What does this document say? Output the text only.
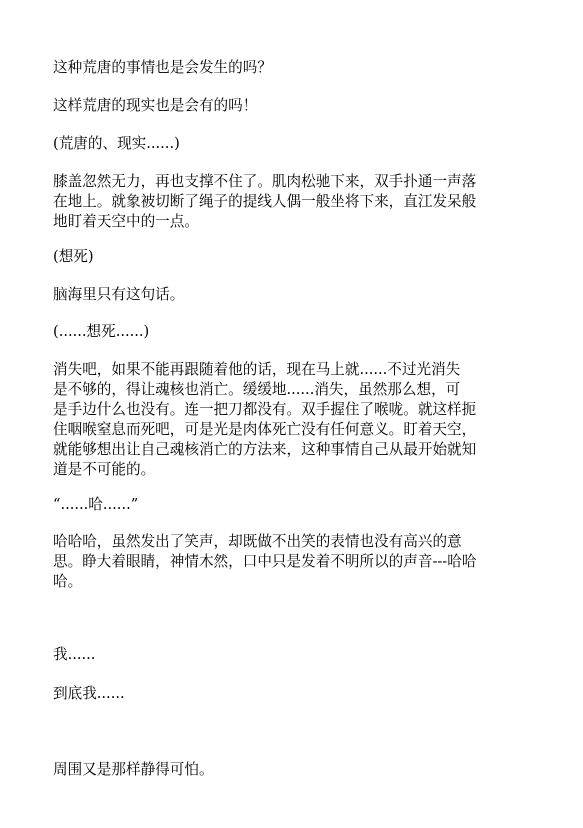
这种荒唐的事情也是会发生的吗？
这样荒唐的现实也是会有的吗！
(荒唐的、现实......)
膝盖忽然无力，再也支撑不住了。肌肉松驰下来，双手扑通一声落
在地上。就象被切断了绳子的提线人偶一般坐将下来，直江发呆般
地盯着天空中的一点。
(想死)
脑海里只有这句话。
(......想死......)
消失吧，如果不能再跟随着他的话，现在马上就......不过光消失
是不够的，得让魂核也消亡。缓缓地......消失，虽然那么想，可
是手边什么也没有。连一把刀都没有。双手握住了喉咙。就这样扼
住咽喉窒息而死吧，可是光是肉体死亡没有任何意义。盯着天空，
就能够想出让自己魂核消亡的方法来，这种事情自己从最开始就知
道是不可能的。
“......哈......”
哈哈哈，虽然发出了笑声，却既做不出笑的表情也没有高兴的意
思。睁大着眼睛，神情木然，口中只是发着不明所以的声音---哈哈
哈。
我......
到底我......
周围又是那样静得可怕。
